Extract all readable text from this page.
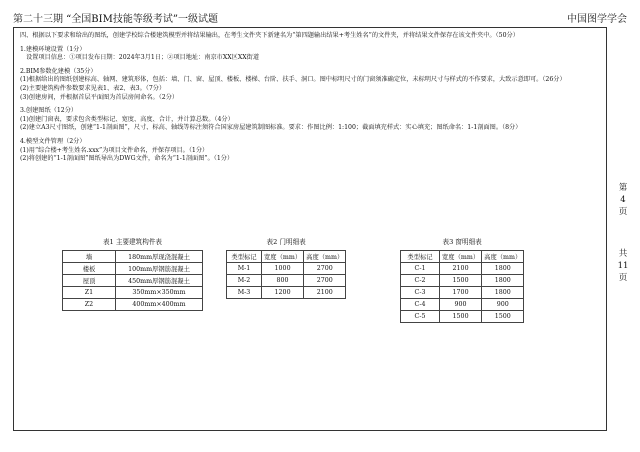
第二十三期 “全国BIM技能等级考试”一级试题	中国图学学会

四、根据以下要求和给出的图纸，创建学校综合楼建筑模型并将结果输出，在考生文件夹下新建名为“第四题输出结果+考生姓名”的文件夹，并将结果文件保存在该文件夹中。（50分）

1.建模环境设置（1分）

设置项目信息：①项目发布日期：2024年3月1日；②项目地址：南京市XX区XX街道

2.BIM参数化建模（35分）

(1)根据给出的图纸创建标高、轴网、建筑形体，包括：墙、门、窗、屋顶、楼板、楼梯、台阶、扶手、洞口。图中标明尺寸的门窗须准确定位，未标明尺寸与样式的不作要求，大致示意即可。（26分）

(2)主要建筑构件参数要求见表1、表2、表3。（7分）

(3)创建房间，并根据首层平面图为首层房间命名。（2分）

3.创建图纸（12分）

(1)创建门窗表，要求包含类型标记、宽度、高度、合计，并计算总数。（4分）

(2)建立A3尺寸图纸，创建“1-1剖面图”，尺寸、标高、轴线等标注须符合国家房屋建筑制图标准。要求：作图比例：1:100；截面填充样式：实心填充；图纸命名：1-1剖面图。（8分）

4.模型文件管理（2分）

(1)用“综合楼+考生姓名.xxx”为项目文件命名，并保存项目。（1分）

(2)将创建的“1-1剖面图”图纸导出为DWG文件，命名为“1-1剖面图”。（1分）

第
4
页
共
11
页
表1 主要建筑构件表
墙	180mm厚现浇混凝土
楼板	100mm厚钢筋混凝土
屋顶	450mm厚钢筋混凝土
Z1	350mm×350mm
Z2	400mm×400mm
表2 门明细表
类型标记	宽度（mm）	高度（mm）
M-1	1000	2700
M-2	800	2700
M-3	1200	2100
表3 窗明细表
类型标记	宽度（mm）	高度（mm）
C-1	2100	1800
C-2	1500	1800
C-3	1700	1800
C-4	900	900
C-5	1500	1500
